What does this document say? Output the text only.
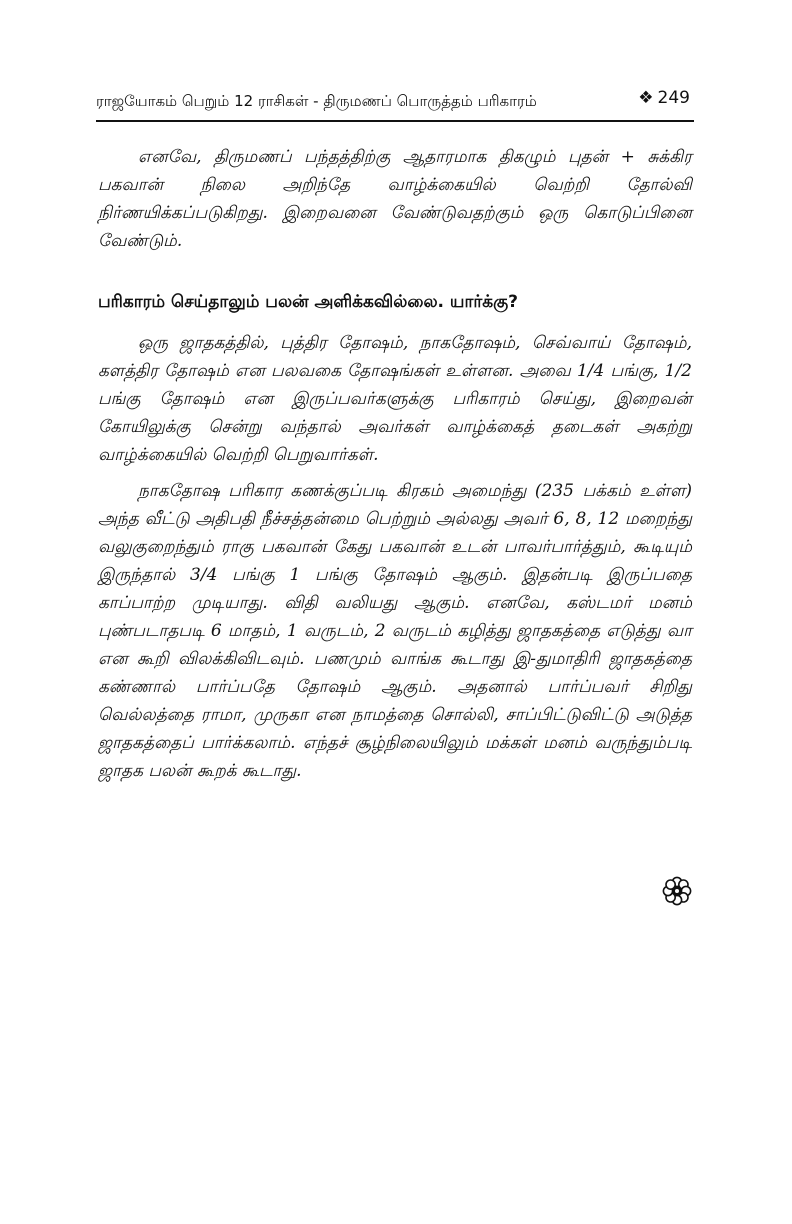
ராஜயோகம் பெறும் 12 ராசிகள் - திருமணப் பொருத்தம் பரிகாரம்	❖ 249

எனவே, திருமணப் பந்தத்திற்கு ஆதாரமாக திகழும் புதன் + சுக்கிர பகவான் நிலை அறிந்தே வாழ்க்கையில் வெற்றி தோல்வி நிர்ணயிக்கப்படுகிறது. இறைவனை வேண்டுவதற்கும் ஒரு கொடுப்பினை வேண்டும்.

பரிகாரம் செய்தாலும் பலன் அளிக்கவில்லை. யார்க்கு?

ஒரு ஜாதகத்தில், புத்திர தோஷம், நாகதோஷம், செவ்வாய் தோஷம், களத்திர தோஷம் என பலவகை தோஷங்கள் உள்ளன. அவை 1/4 பங்கு, 1/2 பங்கு தோஷம் என இருப்பவர்களுக்கு பரிகாரம் செய்து, இறைவன் கோயிலுக்கு சென்று வந்தால் அவர்கள் வாழ்க்கைத் தடைகள் அகற்று வாழ்க்கையில் வெற்றி பெறுவார்கள்.

நாகதோஷ பரிகார கணக்குப்படி கிரகம் அமைந்து (235 பக்கம் உள்ள) அந்த வீட்டு அதிபதி நீச்சத்தன்மை பெற்றும் அல்லது அவர் 6, 8, 12 மறைந்து வலுகுறைந்தும் ராகு பகவான் கேது பகவான் உடன் பாவர்பார்த்தும், கூடியும் இருந்தால் 3/4 பங்கு 1 பங்கு தோஷம் ஆகும். இதன்படி இருப்பதை காப்பாற்ற முடியாது. விதி வலியது ஆகும். எனவே, கஸ்டமர் மனம் புண்படாதபடி 6 மாதம், 1 வருடம், 2 வருடம் கழித்து ஜாதகத்தை எடுத்து வா என கூறி விலக்கிவிடவும். பணமும் வாங்க கூடாது இ-துமாதிரி ஜாதகத்தை கண்ணால் பார்ப்பதே தோஷம் ஆகும். அதனால் பார்ப்பவர் சிறிது வெல்லத்தை ராமா, முருகா என நாமத்தை சொல்லி, சாப்பிட்டுவிட்டு அடுத்த ஜாதகத்தைப் பார்க்கலாம். எந்தச் சூழ்நிலையிலும் மக்கள் மனம் வருந்தும்படி ஜாதக பலன் கூறக் கூடாது.
